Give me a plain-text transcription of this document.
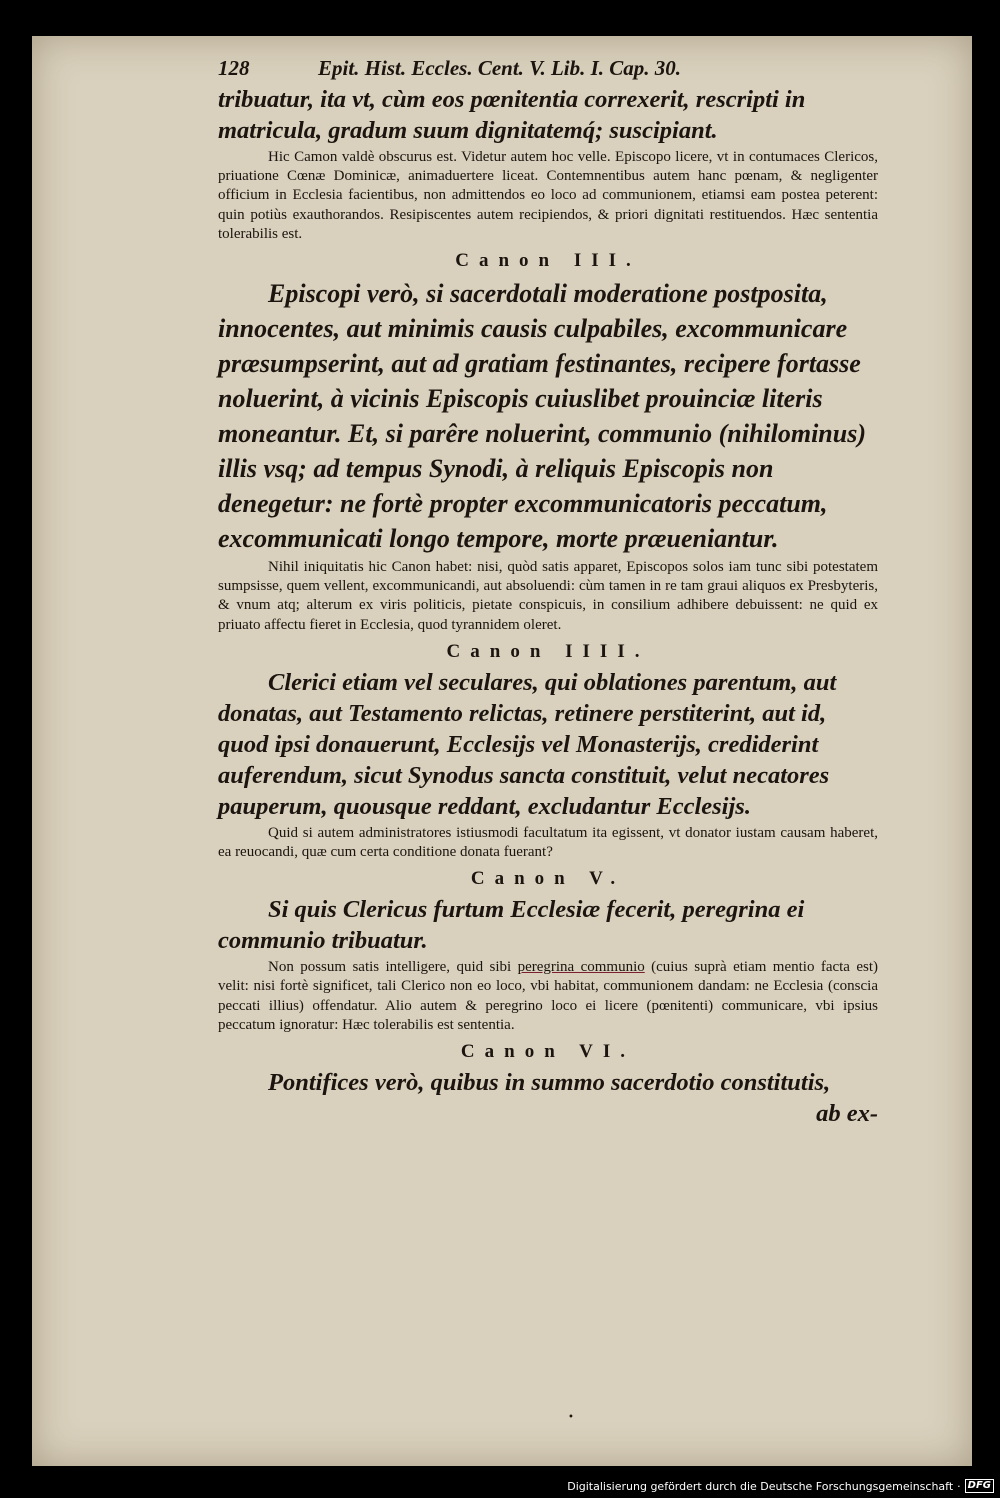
128	Epit. Hist. Eccles. Cent. V. Lib. I. Cap. 30.

tribuatur, ita vt, cùm eos pœnitentia correxerit, rescripti in matricula, gradum suum dignitatemq́; suscipiant.

Hic Camon valdè obscurus est. Videtur autem hoc velle. Episcopo licere, vt in contumaces Clericos, priuatione Cœnæ Dominicæ, animaduertere liceat. Contemnentibus autem hanc pœnam, & negligenter officium in Ecclesia facientibus, non admittendos eo loco ad communionem, etiamsi eam postea peterent: quin potiùs exauthorandos. Resipiscentes autem recipiendos, & priori dignitati restituendos. Hæc sententia tolerabilis est.

Canon III.

Episcopi verò, si sacerdotali moderatione postposita, innocentes, aut minimis causis culpabiles, excommunicare præsumpserint, aut ad gratiam festinantes, recipere fortasse noluerint, à vicinis Episcopis cuiuslibet prouinciæ literis moneantur. Et, si parêre noluerint, communio (nihilominus) illis vsq; ad tempus Synodi, à reliquis Episcopis non denegetur: ne fortè propter excommunicatoris peccatum, excommunicati longo tempore, morte præueniantur.

Nihil iniquitatis hic Canon habet: nisi, quòd satis apparet, Episcopos solos iam tunc sibi potestatem sumpsisse, quem vellent, excommunicandi, aut absoluendi: cùm tamen in re tam graui aliquos ex Presbyteris, & vnum atq; alterum ex viris politicis, pietate conspicuis, in consilium adhibere debuissent: ne quid ex priuato affectu fieret in Ecclesia, quod tyrannidem oleret.

Canon IIII.

Clerici etiam vel seculares, qui oblationes parentum, aut donatas, aut Testamento relictas, retinere perstiterint, aut id, quod ipsi donauerunt, Ecclesijs vel Monasterijs, crediderint auferendum, sicut Synodus sancta constituit, velut necatores pauperum, quousque reddant, excludantur Ecclesijs.

Quid si autem administratores istiusmodi facultatum ita egissent, vt donator iustam causam haberet, ea reuocandi, quæ cum certa conditione donata fuerant?

Canon V.

Si quis Clericus furtum Ecclesiæ fecerit, peregrina ei communio tribuatur.

Non possum satis intelligere, quid sibi peregrina communio (cuius suprà etiam mentio facta est) velit: nisi fortè significet, tali Clerico non eo loco, vbi habitat, communionem dandam: ne Ecclesia (conscia peccati illius) offendatur. Alio autem & peregrino loco ei licere (pœnitenti) communicare, vbi ipsius peccatum ignoratur: Hæc tolerabilis est sententia.

Canon VI.

Pontifices verò, quibus in summo sacerdotio constitutis,

ab ex-

•
Digitalisierung gefördert durch die Deutsche Forschungsgemeinschaft · DFG
